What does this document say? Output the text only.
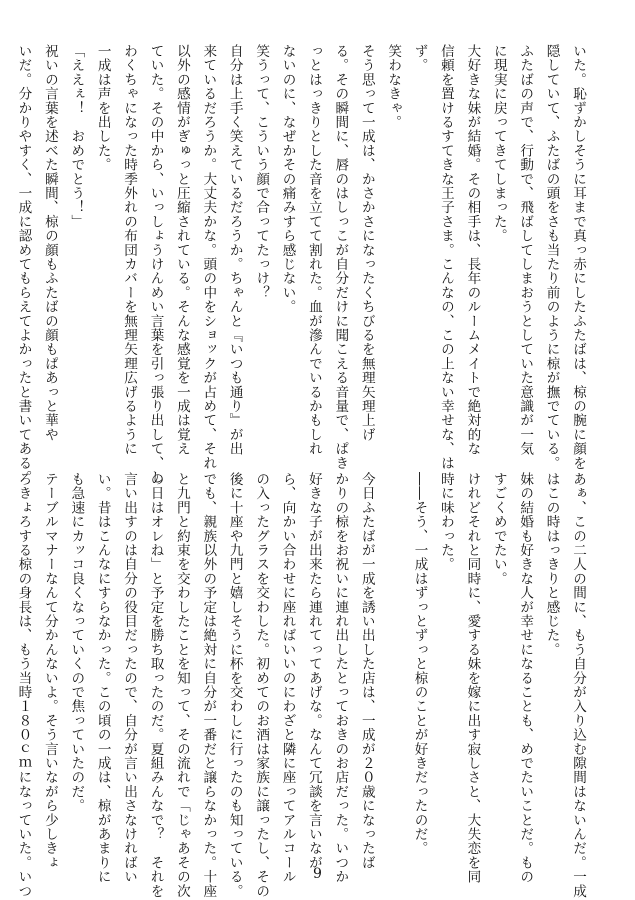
いた。恥ずかしそうに耳まで真っ赤にしたふたばは、椋の腕に顔を
隠していて、ふたばの頭をさも当たり前のように椋が撫でている。
ふたばの声で、行動で、飛ばしてしまおうとしていた意識が一気
に現実に戻ってきてしまった。
大好きな妹が結婚。その相手は、長年のルームメイトで絶対的な
信頼を置けるすてきな王子さま。こんなの、この上ない幸せな、は
ず。
笑わなきゃ。
そう思って一成は、かさかさになったくちびるを無理矢理上げ
る。その瞬間に、唇のはしっこが自分だけに聞こえる音量で、ぱき
っとはっきりとした音を立てて割れた。血が滲んでいるかもしれ
ないのに、なぜかその痛みすら感じない。
笑うって、こういう顔で合ってたっけ？
自分は上手く笑えているだろうか。ちゃんと『いつも通り』が出
来ているだろうか。大丈夫かな。頭の中をショックが占めて、それ
以外の感情がぎゅっと圧縮されている。そんな感覚を一成は覚え
ていた。その中から、いっしょうけんめい言葉を引っ張り出して、し
わくちゃになった時季外れの布団カバーを無理矢理広げるように
一成は声を出した。
「ええぇ！　おめでとう！」
祝いの言葉を述べた瞬間、椋の顔もふたばの顔もぱあっと華や
いだ。分かりやすく、一成に認めてもらえてよかったと書いてある。
あぁ、この二人の間に、もう自分が入り込む隙間はないんだ。一成
はこの時はっきりと感じた。
妹の結婚も好きな人が幸せになることも、めでたいことだ。もの
すごくめでたい。
けれどそれと同時に、愛する妹を嫁に出す寂しさと、大失恋を同
時に味わった。
――そう、一成はずっとずっと椋のことが好きだったのだ。

今日ふたばが一成を誘い出した店は、一成が２０歳になったば
かりの椋をお祝いに連れ出したとっておきのお店だった。いつか
好きな子が出来たら連れてってあげな。なんて冗談を言いなが
ら、向かい合わせに座ればいいのにわざと隣に座ってアルコール
の入ったグラスを交わした。初めてのお酒は家族に譲ったし、その
後に十座や九門と嬉しそうに杯を交わしに行ったのも知っている。
でも、親族以外の予定は絶対に自分が一番だと譲らなかった。十座
と九門と約束を交わしたことを知って、その流れで「じゃあその次
の日はオレね」と予定を勝ち取ったのだ。夏組みんなで？　それを
言い出すのは自分の役目だったので、自分が言い出さなければい
い。昔はこんなにすらなかった。この頃の一成は、椋があまりに
も急速にカッコ良くなっていくので焦っていたのだ。
テーブルマナーなんて分かんないよ。そう言いながら少しきょ
ろきょろする椋の身長は、もう当時１８０ｃｍになっていた。いつ	9
